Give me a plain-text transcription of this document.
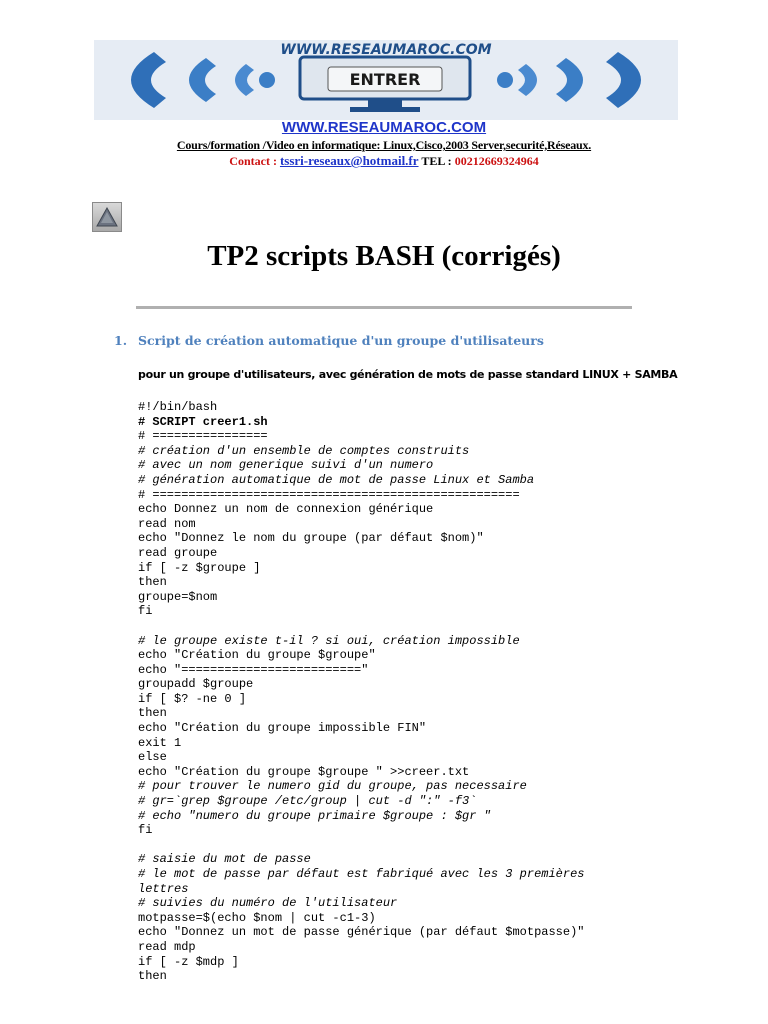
ENTRER
WWW.RESEAUMAROC.COM
WWW.RESEAUMAROC.COM
Cours/formation /Video en informatique: Linux,Cisco,2003 Server,securité,Réseaux.
Contact : tssri-reseaux@hotmail.fr TEL : 00212669324964
TP2 scripts BASH (corrigés)
1. Script de création automatique d'un groupe d'utilisateurs
pour un groupe d'utilisateurs, avec génération de mots de passe standard LINUX + SAMBA
#!/bin/bash
# SCRIPT creer1.sh
# ================
# création d'un ensemble de comptes construits
# avec un nom generique suivi d'un numero
# génération automatique de mot de passe Linux et Samba
# ===================================================
echo Donnez un nom de connexion générique
read nom
echo "Donnez le nom du groupe (par défaut $nom)"
read groupe
if [ -z $groupe ]
then
groupe=$nom
fi
# le groupe existe t-il ? si oui, création impossible
echo "Création du groupe $groupe"
echo "========================="
groupadd $groupe
if [ $? -ne 0 ]
then
echo "Création du groupe impossible FIN"
exit 1
else
echo "Création du groupe $groupe " >>creer.txt
# pour trouver le numero gid du groupe, pas necessaire
# gr=`grep $groupe /etc/group | cut -d ":" -f3`
# echo "numero du groupe primaire $groupe : $gr "
fi
# saisie du mot de passe
# le mot de passe par défaut est fabriqué avec les 3 premières
lettres
# suivies du numéro de l'utilisateur
motpasse=$(echo $nom | cut -c1-3)
echo "Donnez un mot de passe générique (par défaut $motpasse)"
read mdp
if [ -z $mdp ]
then
